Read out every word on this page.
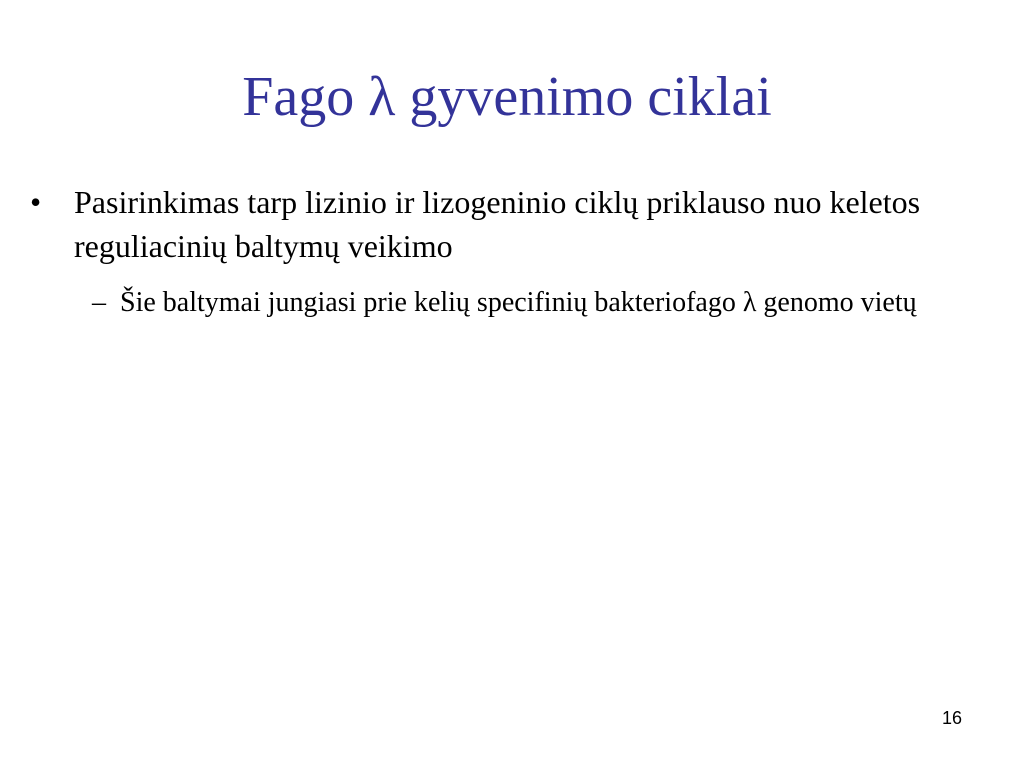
Fago λ gyvenimo ciklai
•	Pasirinkimas tarp lizinio ir lizogeninio ciklų priklauso nuo keletos reguliacinių baltymų veikimo
– Šie baltymai jungiasi prie kelių specifinių bakteriofago λ genomo vietų
16
